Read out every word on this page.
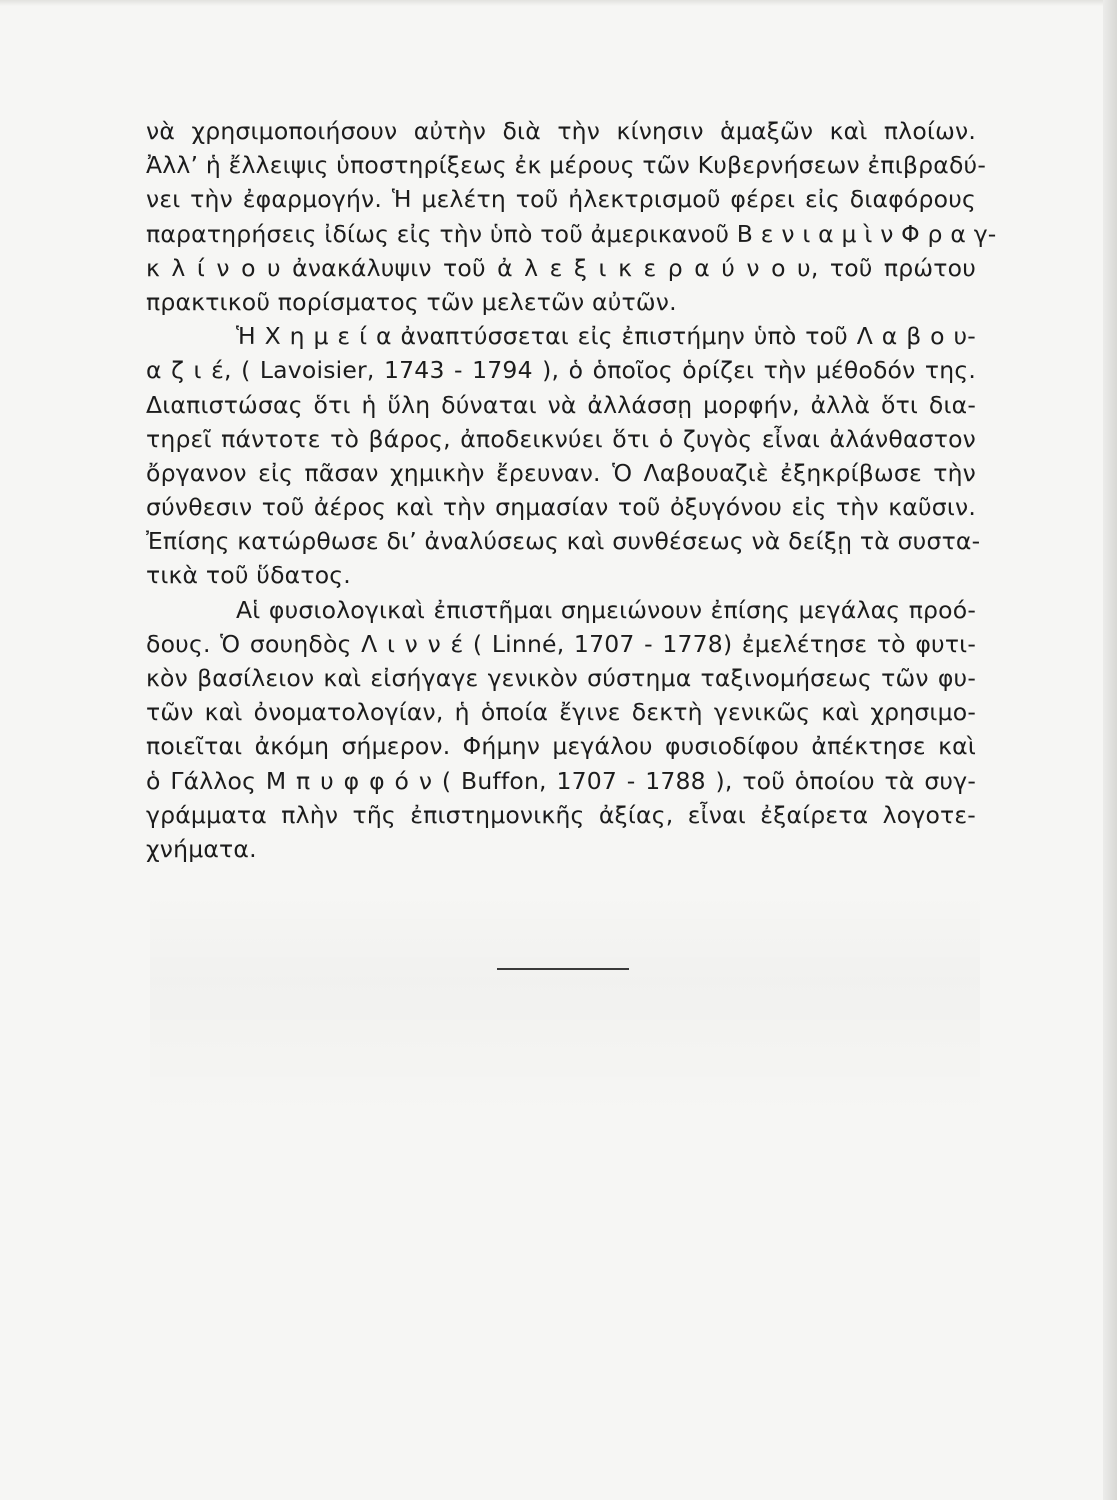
νὰ χρησιμοποιήσουν αὐτὴν διὰ τὴν κίνησιν ἁμαξῶν καὶ πλοίων.
Ἀλλ’ ἡ ἔλλειψις ὑποστηρίξεως ἐκ μέρους τῶν Κυβερνήσεων ἐπιβραδύ-
νει τὴν ἐφαρμογήν. Ἡ μελέτη τοῦ ἠλεκτρισμοῦ φέρει εἰς διαφόρους
παρατηρήσεις ἰδίως εἰς τὴν ὑπὸ τοῦ ἀμερικανοῦ Β ε ν ι α μ ὶ ν Φ ρ α γ-
κ λ ί ν ο υ ἀνακάλυψιν τοῦ ἀ λ ε ξ ι κ ε ρ α ύ ν ο υ, τοῦ πρώτου
πρακτικοῦ πορίσματος τῶν μελετῶν αὐτῶν.
Ἡ Χ η μ ε ί α ἀναπτύσσεται εἰς ἐπιστήμην ὑπὸ τοῦ Λ α β ο υ-
α ζ ι έ, ( Lavoisier, 1743 - 1794 ), ὁ ὁποῖος ὁρίζει τὴν μέθοδόν της.
Διαπιστώσας ὅτι ἡ ὕλη δύναται νὰ ἀλλάσσῃ μορφήν, ἀλλὰ ὅτι δια-
τηρεῖ πάντοτε τὸ βάρος, ἀποδεικνύει ὅτι ὁ ζυγὸς εἶναι ἀλάνθαστον
ὄργανον εἰς πᾶσαν χημικὴν ἔρευναν. Ὁ Λαβουαζιὲ ἐξηκρίβωσε τὴν
σύνθεσιν τοῦ ἀέρος καὶ τὴν σημασίαν τοῦ ὀξυγόνου εἰς τὴν καῦσιν.
Ἐπίσης κατώρθωσε δι’ ἀναλύσεως καὶ συνθέσεως νὰ δείξῃ τὰ συστα-
τικὰ τοῦ ὕδατος.
Αἱ φυσιολογικαὶ ἐπιστῆμαι σημειώνουν ἐπίσης μεγάλας προό-
δους. Ὁ σουηδὸς Λ ι ν ν έ ( Linné, 1707 - 1778) ἐμελέτησε τὸ φυτι-
κὸν βασίλειον καὶ εἰσήγαγε γενικὸν σύστημα ταξινομήσεως τῶν φυ-
τῶν καὶ ὀνοματολογίαν, ἡ ὁποία ἔγινε δεκτὴ γενικῶς καὶ χρησιμο-
ποιεῖται ἀκόμη σήμερον. Φήμην μεγάλου φυσιοδίφου ἀπέκτησε καὶ
ὁ Γάλλος Μ π υ φ φ ό ν ( Buffon, 1707 - 1788 ), τοῦ ὁποίου τὰ συγ-
γράμματα πλὴν τῆς ἐπιστημονικῆς ἀξίας, εἶναι ἐξαίρετα λογοτε-
χνήματα.
